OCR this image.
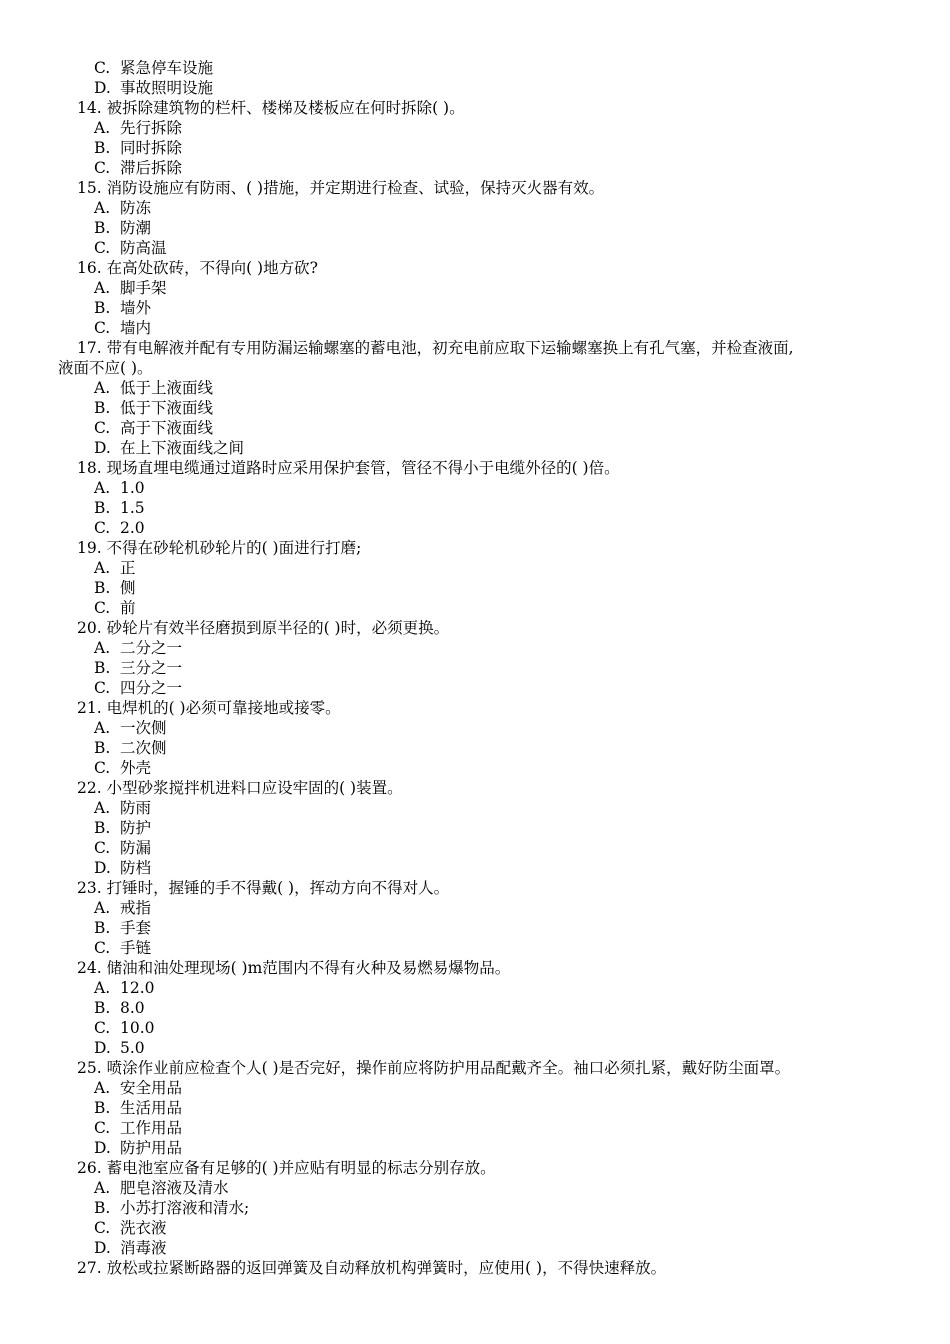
C. 紧急停车设施
D. 事故照明设施
14. 被拆除建筑物的栏杆、楼梯及楼板应在何时拆除( )。
A. 先行拆除
B. 同时拆除
C. 滞后拆除
15. 消防设施应有防雨、( )措施，并定期进行检查、试验，保持灭火器有效。
A. 防冻
B. 防潮
C. 防高温
16. 在高处砍砖，不得向( )地方砍?
A. 脚手架
B. 墙外
C. 墙内
17. 带有电解液并配有专用防漏运输螺塞的蓄电池，初充电前应取下运输螺塞换上有孔气塞，并检查液面,
液面不应( )。
A. 低于上液面线
B. 低于下液面线
C. 高于下液面线
D. 在上下液面线之间
18. 现场直埋电缆通过道路时应采用保护套管，管径不得小于电缆外径的( )倍。
A. 1.0
B. 1.5
C. 2.0
19. 不得在砂轮机砂轮片的( )面进行打磨;
A. 正
B. 侧
C. 前
20. 砂轮片有效半径磨损到原半径的( )时，必须更换。
A. 二分之一
B. 三分之一
C. 四分之一
21. 电焊机的( )必须可靠接地或接零。
A. 一次侧
B. 二次侧
C. 外壳
22. 小型砂浆搅拌机进料口应设牢固的( )装置。
A. 防雨
B. 防护
C. 防漏
D. 防档
23. 打锤时，握锤的手不得戴( )，挥动方向不得对人。
A. 戒指
B. 手套
C. 手链
24. 储油和油处理现场( )m范围内不得有火种及易燃易爆物品。
A. 12.0
B. 8.0
C. 10.0
D. 5.0
25. 喷涂作业前应检查个人( )是否完好，操作前应将防护用品配戴齐全。袖口必须扎紧，戴好防尘面罩。
A. 安全用品
B. 生活用品
C. 工作用品
D. 防护用品
26. 蓄电池室应备有足够的( )并应贴有明显的标志分别存放。
A. 肥皂溶液及清水
B. 小苏打溶液和清水;
C. 洗衣液
D. 消毒液
27. 放松或拉紧断路器的返回弹簧及自动释放机构弹簧时，应使用( )，不得快速释放。
